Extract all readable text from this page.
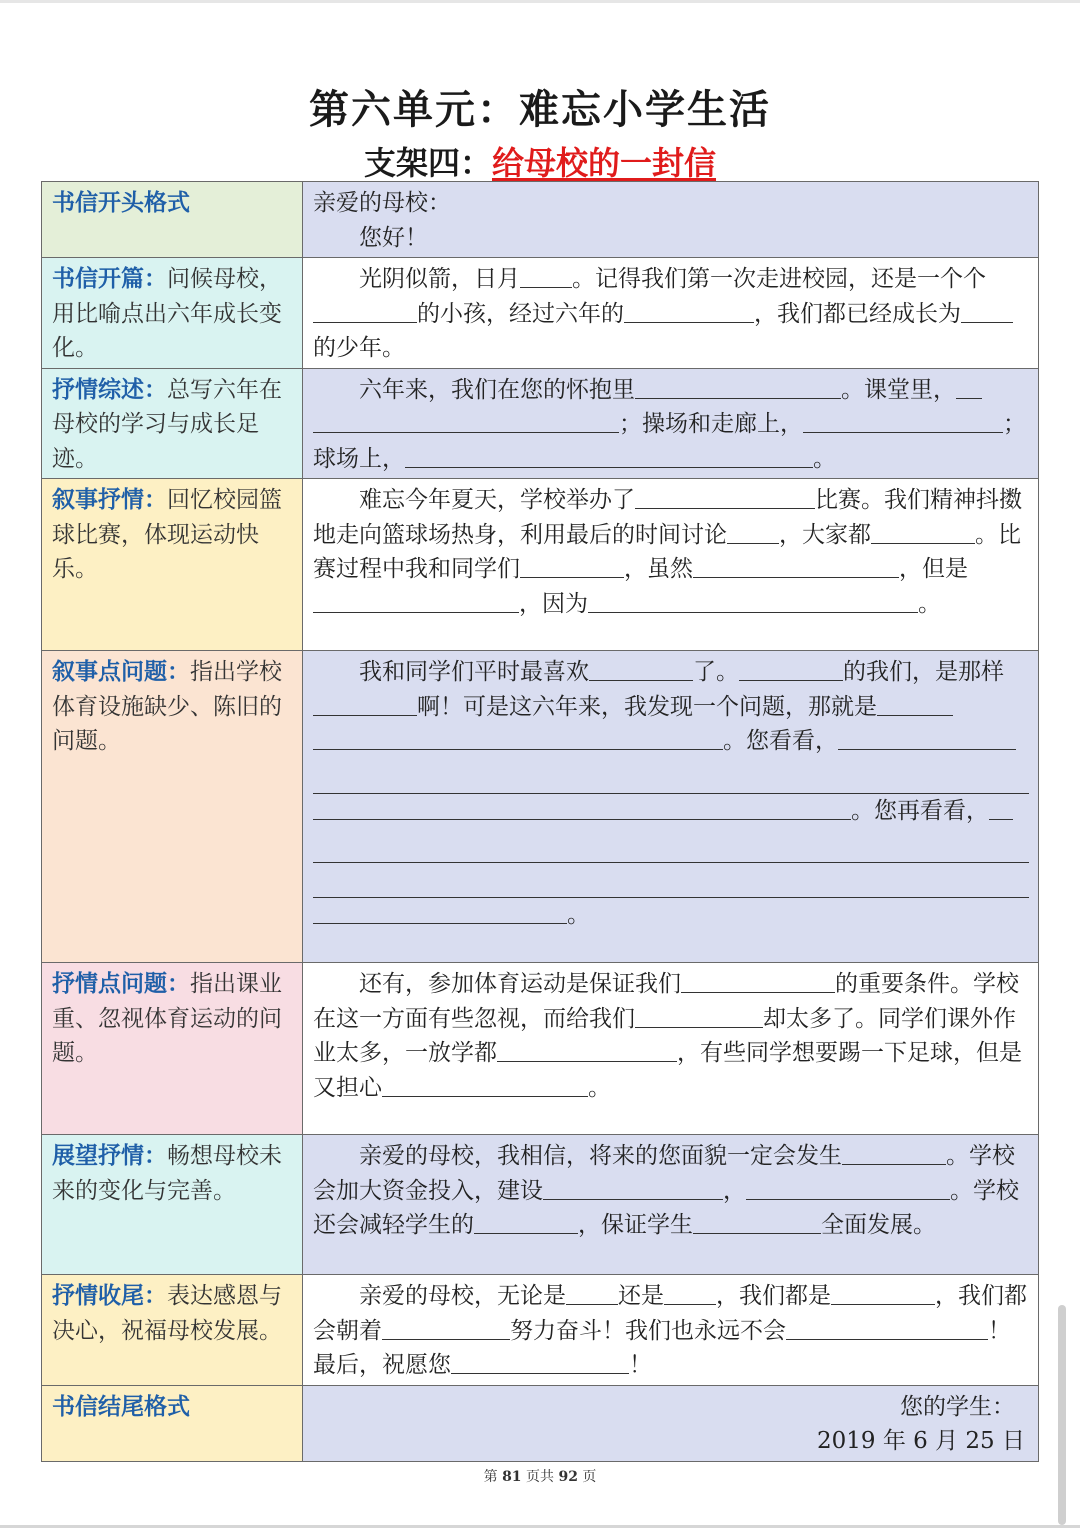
第六单元：难忘小学生活
支架四：给母校的一封信
书信开头格式	亲爱的母校：
您好！

书信开篇：问候母校，用比喻点出六年成长变化。	光阴似箭，日月 。记得我们第一次走进校园，还是一个个的小孩，经过六年的 ，我们都已经成长为的少年。

抒情综述：总写六年在母校的学习与成长足迹。	六年来，我们在您的怀抱里 。课堂里，；操场和走廊上， ；球场上， 。

叙事抒情：回忆校园篮球比赛，体现运动快乐。	难忘今年夏天，学校举办了 比赛。我们精神抖擞地走向篮球场热身，利用最后的时间讨论 ，大家都 。比赛过程中我和同学们 ，虽然 ，但是，因为 。

叙事点问题：指出学校体育设施缺少、陈旧的问题。	我和同学们平时最喜欢 了。 的我们，是那样啊！可是这六年来，我发现一个问题，那就是。您看看，

。您再看看，

。

抒情点问题：指出课业重、忽视体育运动的问题。	还有，参加体育运动是保证我们 的重要条件。学校在这一方面有些忽视，而给我们 却太多了。同学们课外作业太多，一放学都 ，有些同学想要踢一下足球，但是又担心 。

展望抒情：畅想母校未来的变化与完善。	亲爱的母校，我相信，将来的您面貌一定会发生 。学校会加大资金投入，建设 ， 。学校还会减轻学生的 ，保证学生 全面发展。

抒情收尾：表达感恩与决心，祝福母校发展。	亲爱的母校，无论是 还是 ，我们都是 ，我们都会朝着 努力奋斗！我们也永远不会 ！最后，祝愿您 ！

书信结尾格式	您的学生：
2019 年 6 月 25 日
第 81 页共 92 页
